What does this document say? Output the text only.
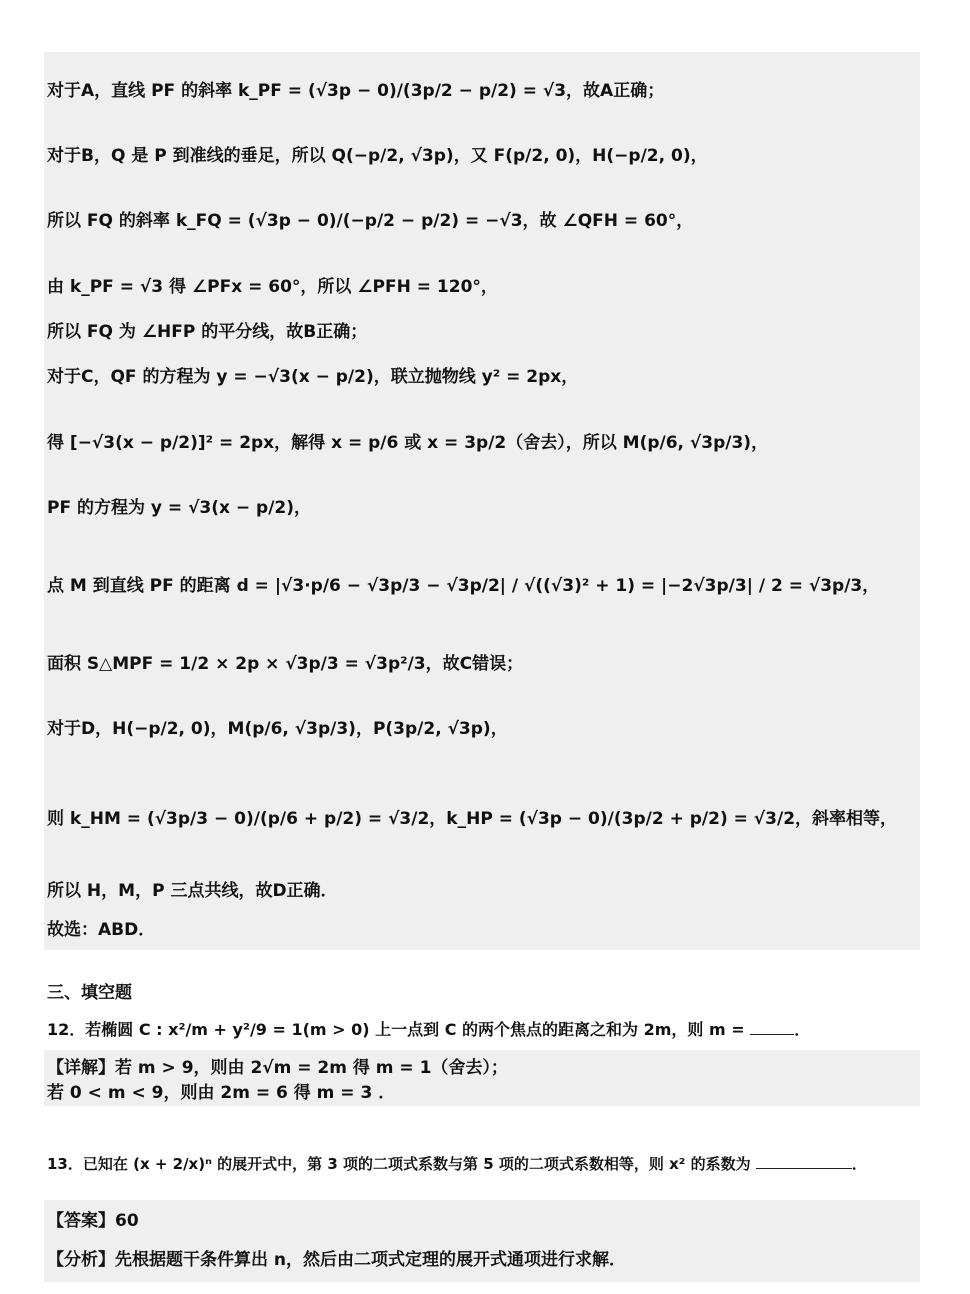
对于A，直线 PF 的斜率 k_PF = (√3p − 0)/(3p/2 − p/2) = √3，故A正确；
对于B，Q 是 P 到准线的垂足，所以 Q(−p/2, √3p)，又 F(p/2, 0)，H(−p/2, 0)，
所以 FQ 的斜率 k_FQ = (√3p − 0)/(−p/2 − p/2) = −√3，故 ∠QFH = 60°，
由 k_PF = √3 得 ∠PFx = 60°，所以 ∠PFH = 120°，
所以 FQ 为 ∠HFP 的平分线，故B正确；
对于C，QF 的方程为 y = −√3(x − p/2)，联立抛物线 y² = 2px，
得 [−√3(x − p/2)]² = 2px，解得 x = p/6 或 x = 3p/2（舍去），所以 M(p/6, √3p/3)，
PF 的方程为 y = √3(x − p/2)，
点 M 到直线 PF 的距离 d = |√3·p/6 − √3p/3 − √3p/2| / √((√3)² + 1) = |−2√3p/3| / 2 = √3p/3，
面积 S△MPF = 1/2 × 2p × √3p/3 = √3p²/3，故C错误；
对于D，H(−p/2, 0)，M(p/6, √3p/3)，P(3p/2, √3p)，
则 k_HM = (√3p/3 − 0)/(p/6 + p/2) = √3/2，k_HP = (√3p − 0)/(3p/2 + p/2) = √3/2，斜率相等，
所以 H，M，P 三点共线，故D正确．
故选：ABD．
三、填空题
12．若椭圆 C : x²/m + y²/9 = 1(m > 0) 上一点到 C 的两个焦点的距离之和为 2m，则 m =	．
【详解】若 m > 9，则由 2√m = 2m 得 m = 1（舍去）；
若 0 < m < 9，则由 2m = 6 得 m = 3 ．
13．已知在 (x + 2/x)ⁿ 的展开式中，第 3 项的二项式系数与第 5 项的二项式系数相等，则 x² 的系数为	．
【答案】60
【分析】先根据题干条件算出 n，然后由二项式定理的展开式通项进行求解．
